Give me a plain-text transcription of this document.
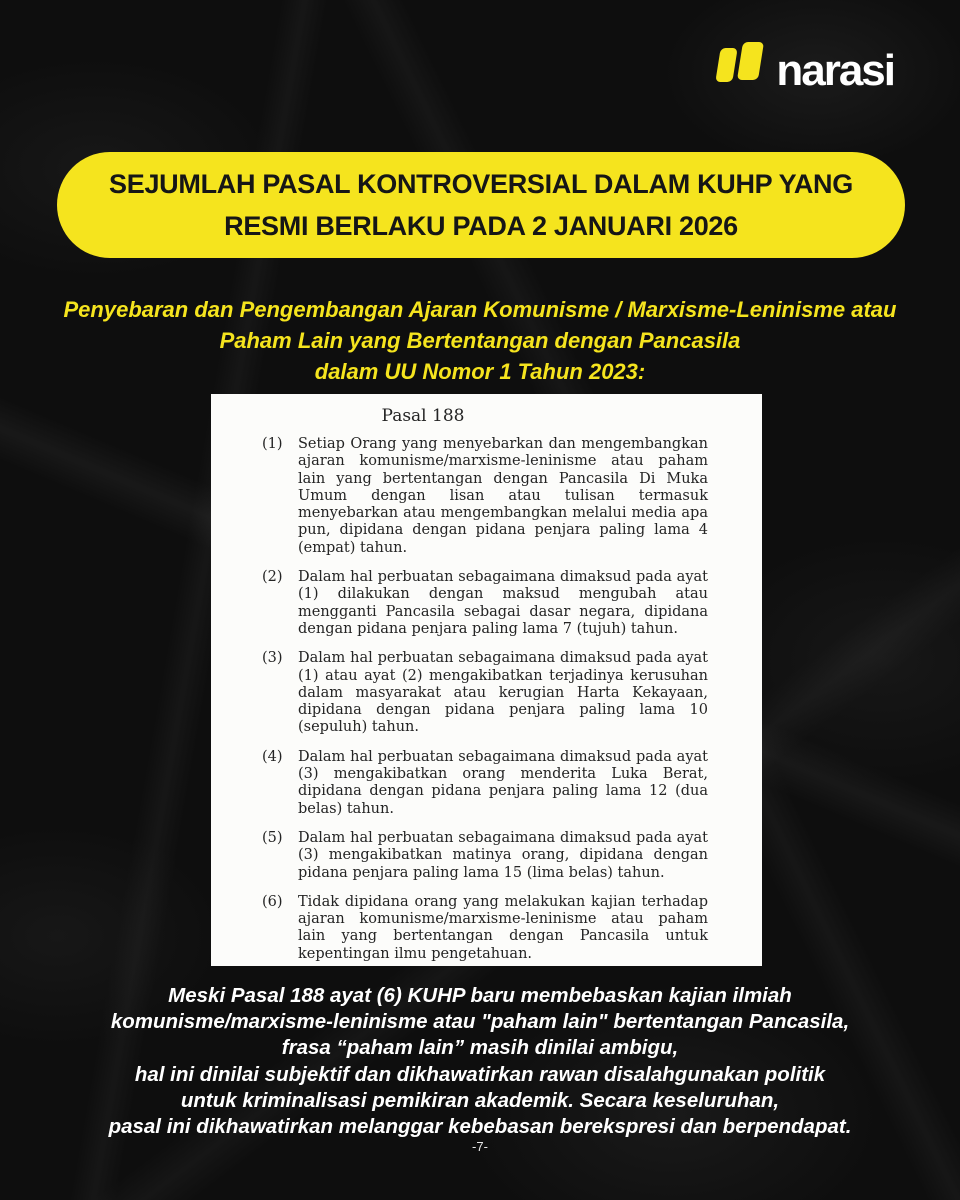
narasi
SEJUMLAH PASAL KONTROVERSIAL DALAM KUHP YANG
RESMI BERLAKU PADA 2 JANUARI 2026
Penyebaran dan Pengembangan Ajaran Komunisme / Marxisme-Leninisme atau
Paham Lain yang Bertentangan dengan Pancasila
dalam UU Nomor 1 Tahun 2023:
Pasal 188
(1)	Setiap Orang yang menyebarkan dan mengembangkan ajaran komunisme/marxisme-leninisme atau paham lain yang bertentangan dengan Pancasila Di Muka Umum dengan lisan atau tulisan termasuk menyebarkan atau mengembangkan melalui media apa pun, dipidana dengan pidana penjara paling lama 4 (empat) tahun.
(2)	Dalam hal perbuatan sebagaimana dimaksud pada ayat (1) dilakukan dengan maksud mengubah atau mengganti Pancasila sebagai dasar negara, dipidana dengan pidana penjara paling lama 7 (tujuh) tahun.
(3)	Dalam hal perbuatan sebagaimana dimaksud pada ayat (1) atau ayat (2) mengakibatkan terjadinya kerusuhan dalam masyarakat atau kerugian Harta Kekayaan, dipidana dengan pidana penjara paling lama 10 (sepuluh) tahun.
(4)	Dalam hal perbuatan sebagaimana dimaksud pada ayat (3) mengakibatkan orang menderita Luka Berat, dipidana dengan pidana penjara paling lama 12 (dua belas) tahun.
(5)	Dalam hal perbuatan sebagaimana dimaksud pada ayat (3) mengakibatkan matinya orang, dipidana dengan pidana penjara paling lama 15 (lima belas) tahun.
(6)	Tidak dipidana orang yang melakukan kajian terhadap ajaran komunisme/marxisme-leninisme atau paham lain yang bertentangan dengan Pancasila untuk kepentingan ilmu pengetahuan.
Meski Pasal 188 ayat (6) KUHP baru membebaskan kajian ilmiah
komunisme/marxisme-leninisme atau "paham lain" bertentangan Pancasila,
frasa “paham lain” masih dinilai ambigu,
hal ini dinilai subjektif dan dikhawatirkan rawan disalahgunakan politik
untuk kriminalisasi pemikiran akademik. Secara keseluruhan,
pasal ini dikhawatirkan melanggar kebebasan berekspresi dan berpendapat.
-7-
